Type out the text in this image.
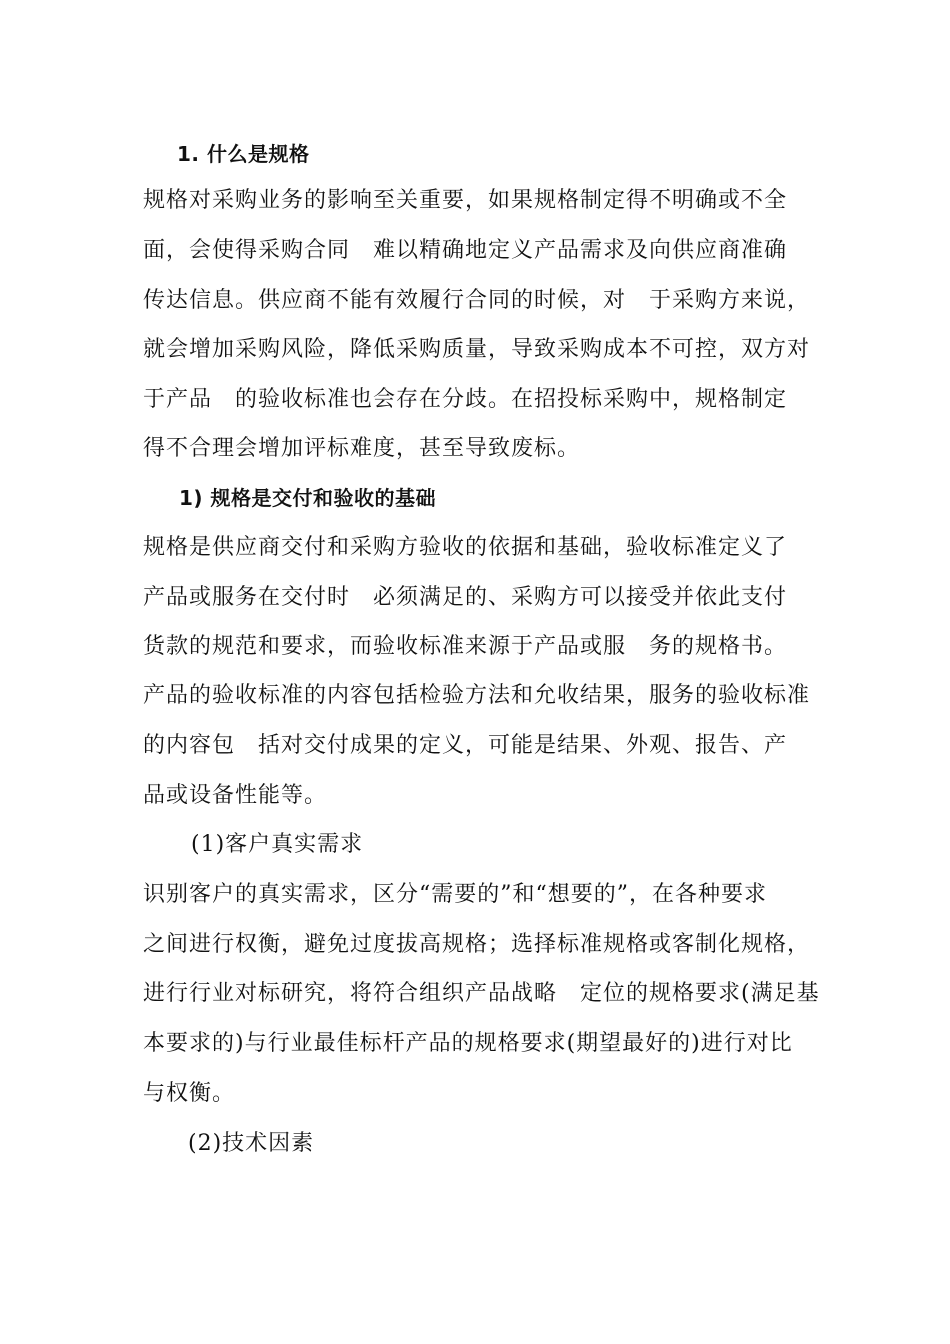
1. 什么是规格
规格对采购业务的影响至关重要，如果规格制定得不明确或不全
面，会使得采购合同　难以精确地定义产品需求及向供应商准确
传达信息。供应商不能有效履行合同的时候，对　于采购方来说，
就会增加采购风险，降低采购质量，导致采购成本不可控，双方对
于产品　的验收标准也会存在分歧。在招投标采购中，规格制定
得不合理会增加评标难度，甚至导致废标。
1) 规格是交付和验收的基础
规格是供应商交付和采购方验收的依据和基础，验收标准定义了
产品或服务在交付时　必须满足的、采购方可以接受并依此支付
货款的规范和要求，而验收标准来源于产品或服　务的规格书。
产品的验收标准的内容包括检验方法和允收结果，服务的验收标准
的内容包　括对交付成果的定义，可能是结果、外观、报告、产
品或设备性能等。
(1)客户真实需求
识别客户的真实需求，区分“需要的”和“想要的”，在各种要求
之间进行权衡，避免过度拔高规格；选择标准规格或客制化规格，
进行行业对标研究，将符合组织产品战略　定位的规格要求(满足基
本要求的)与行业最佳标杆产品的规格要求(期望最好的)进行对比
与权衡。
(2)技术因素
